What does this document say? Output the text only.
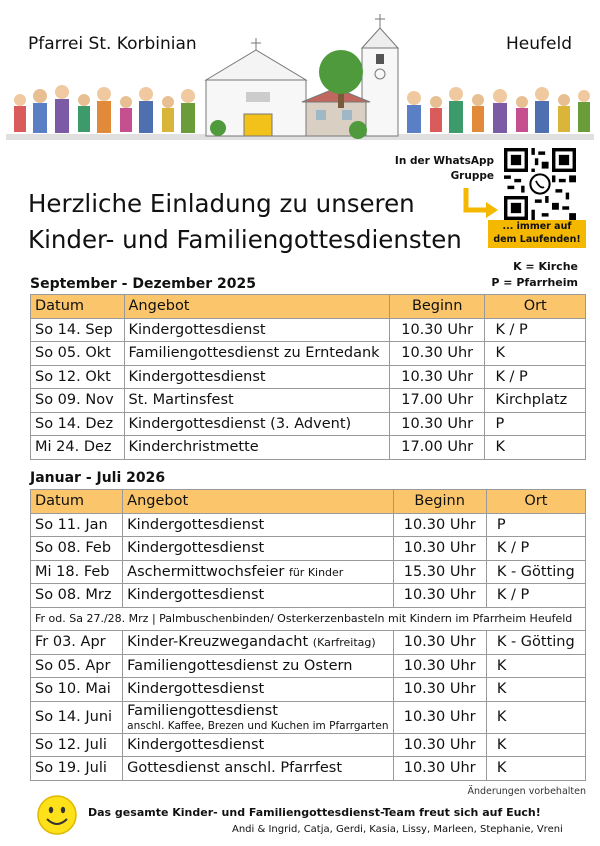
Pfarrei St. Korbinian	Heufeld
Herzliche Einladung zu unseren
Kinder- und Familiengottesdiensten
In der WhatsApp
Gruppe
... immer auf
dem Laufenden!
K = Kirche
P = Pfarrheim
September - Dezember 2025
Datum	Angebot	Beginn	Ort
So 14. Sep	Kindergottesdienst	10.30 Uhr	K / P
So 05. Okt	Familiengottesdienst zu Erntedank	10.30 Uhr	K
So 12. Okt	Kindergottesdienst	10.30 Uhr	K / P
So 09. Nov	St. Martinsfest	17.00 Uhr	Kirchplatz
So 14. Dez	Kindergottesdienst (3. Advent)	10.30 Uhr	P
Mi 24. Dez	Kinderchristmette	17.00 Uhr	K
Januar - Juli 2026
Datum	Angebot	Beginn	Ort
So 11. Jan	Kindergottesdienst	10.30 Uhr	P
So 08. Feb	Kindergottesdienst	10.30 Uhr	K / P
Mi 18. Feb	Aschermittwochsfeier für Kinder	15.30 Uhr	K - Götting
So 08. Mrz	Kindergottesdienst	10.30 Uhr	K / P
Fr od. Sa 27./28. Mrz | Palmbuschenbinden/ Osterkerzenbasteln mit Kindern im Pfarrheim Heufeld			
Fr 03. Apr	Kinder-Kreuzwegandacht (Karfreitag)	10.30 Uhr	K - Götting
So 05. Apr	Familiengottesdienst zu Ostern	10.30 Uhr	K
So 10. Mai	Kindergottesdienst	10.30 Uhr	K
So 14. Juni	Familiengottesdienst
anschl. Kaffee, Brezen und Kuchen im Pfarrgarten	10.30 Uhr	K
So 12. Juli	Kindergottesdienst	10.30 Uhr	K
So 19. Juli	Gottesdienst anschl. Pfarrfest	10.30 Uhr	K
Änderungen vorbehalten
Das gesamte Kinder- und Familiengottesdienst-Team freut sich auf Euch!
Andi & Ingrid, Catja, Gerdi, Kasia, Lissy, Marleen, Stephanie, Vreni
